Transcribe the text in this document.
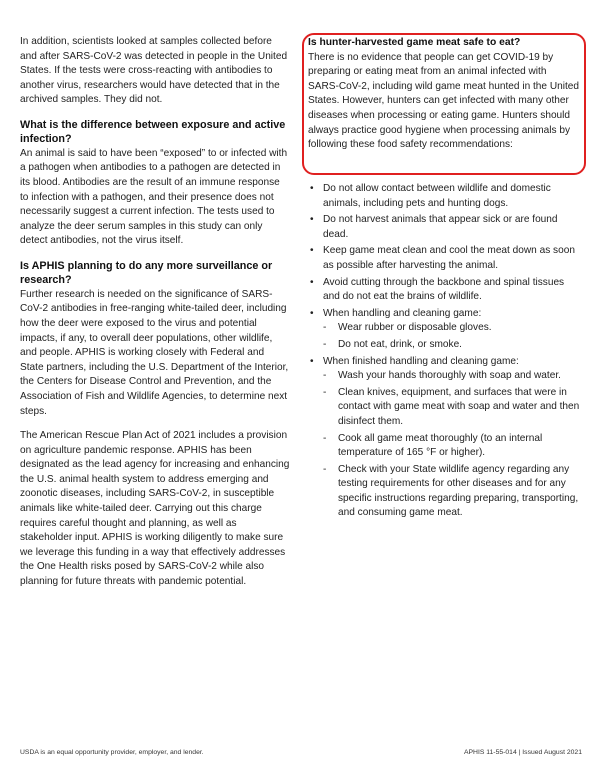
In addition, scientists looked at samples collected before and after SARS-CoV-2 was detected in people in the United States. If the tests were cross-reacting with antibodies to another virus, researchers would have detected that in the archived samples. They did not.

What is the difference between exposure and active infection?

An animal is said to have been “exposed” to or infected with a pathogen when antibodies to a pathogen are detected in its blood. Antibodies are the result of an immune response to infection with a pathogen, and their presence does not necessarily suggest a current infection. The tests used to analyze the deer serum samples in this study can only detect antibodies, not the virus itself.

Is APHIS planning to do any more surveillance or research?

Further research is needed on the significance of SARS-CoV-2 antibodies in free-ranging white-tailed deer, including how the deer were exposed to the virus and potential impacts, if any, to overall deer populations, other wildlife, and people. APHIS is working closely with Federal and State partners, including the U.S. Department of the Interior, the Centers for Disease Control and Prevention, and the Association of Fish and Wildlife Agencies, to determine next steps.

The American Rescue Plan Act of 2021 includes a provision on agriculture pandemic response. APHIS has been designated as the lead agency for increasing and enhancing the U.S. animal health system to address emerging and zoonotic diseases, including SARS-CoV-2, in susceptible animals like white-tailed deer. Carrying out this charge requires careful thought and planning, as well as stakeholder input. APHIS is working diligently to make sure we leverage this funding in a way that effectively addresses the One Health risks posed by SARS-CoV-2 while also planning for future threats with pandemic potential.

Is hunter-harvested game meat safe to eat?

There is no evidence that people can get COVID-19 by preparing or eating meat from an animal infected with SARS-CoV-2, including wild game meat hunted in the United States. However, hunters can get infected with many other diseases when processing or eating game. Hunters should always practice good hygiene when processing animals by following these food safety recommendations:

• Do not allow contact between wildlife and domestic animals, including pets and hunting dogs.
• Do not harvest animals that appear sick or are found dead.
• Keep game meat clean and cool the meat down as soon as possible after harvesting the animal.
• Avoid cutting through the backbone and spinal tissues and do not eat the brains of wildlife.
• When handling and cleaning game:
- Wear rubber or disposable gloves.
- Do not eat, drink, or smoke.
• When finished handling and cleaning game:
- Wash your hands thoroughly with soap and water.
- Clean knives, equipment, and surfaces that were in contact with game meat with soap and water and then disinfect them.
- Cook all game meat thoroughly (to an internal temperature of 165 °F or higher).
- Check with your State wildlife agency regarding any testing requirements for other diseases and for any specific instructions regarding preparing, transporting, and consuming game meat.
USDA is an equal opportunity provider, employer, and lender.	APHIS 11-55-014 | Issued August 2021
